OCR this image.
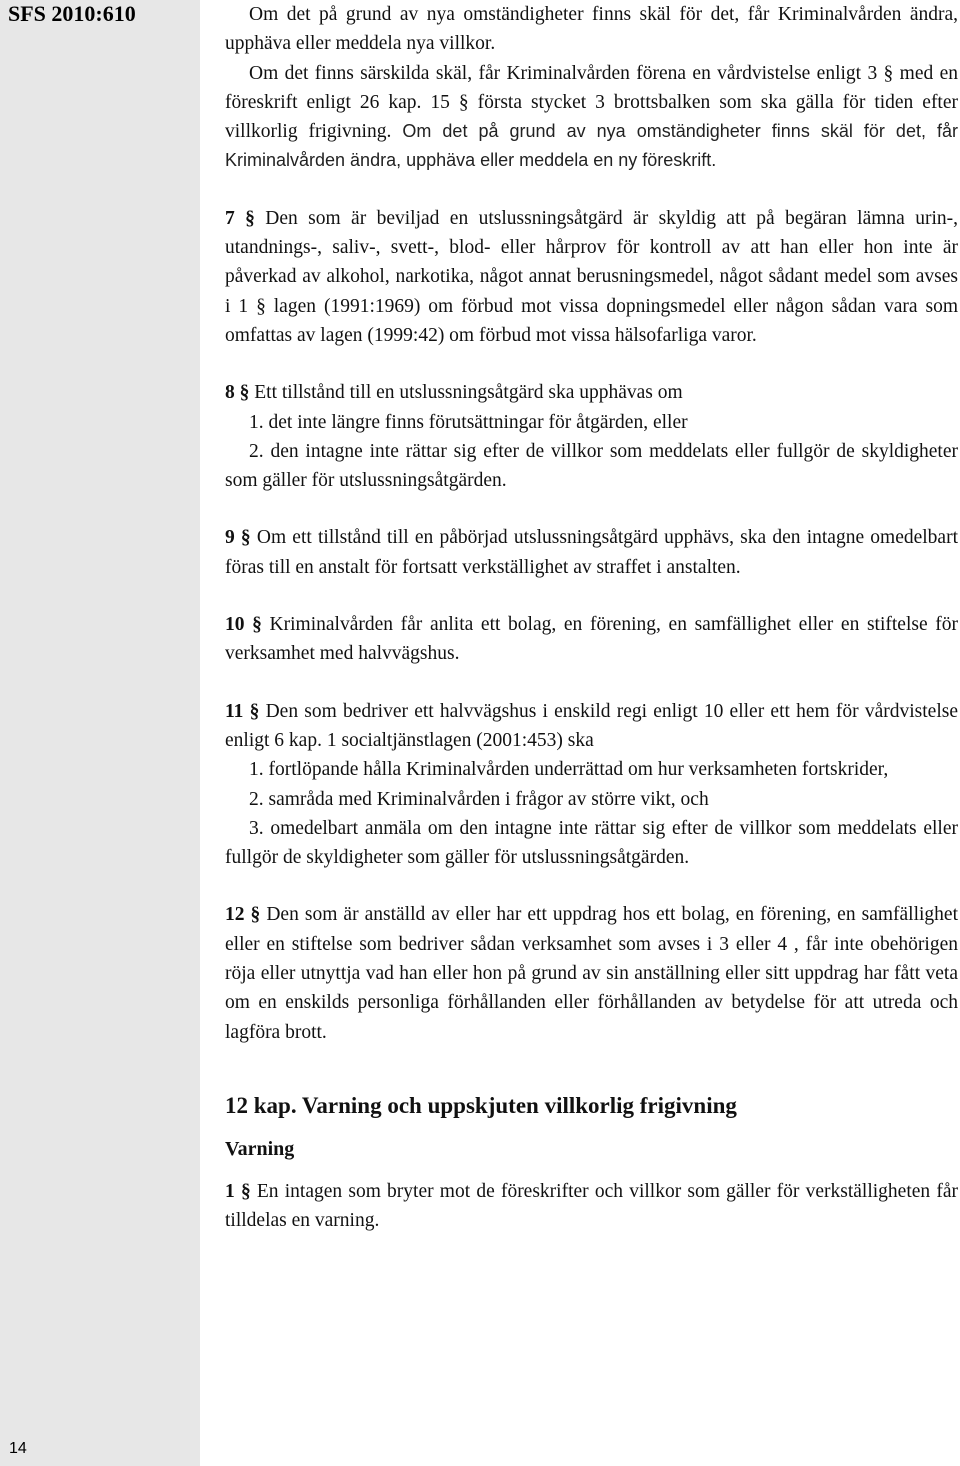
SFS 2010:610
14

Om det på grund av nya omständigheter finns skäl för det, får Kriminalvården ändra, upphäva eller meddela nya villkor.

Om det finns särskilda skäl, får Kriminalvården förena en vårdvistelse enligt 3 § med en föreskrift enligt 26 kap. 15 § första stycket 3 brottsbalken som ska gälla för tiden efter villkorlig frigivning. Om det på grund av nya omständigheter finns skäl för det, får Kriminalvården ändra, upphäva eller meddela en ny föreskrift.

7 § Den som är beviljad en utslussningsåtgärd är skyldig att på begäran lämna urin-, utandnings-, saliv-, svett-, blod- eller hårprov för kontroll av att han eller hon inte är påverkad av alkohol, narkotika, något annat berusningsmedel, något sådant medel som avses i 1 § lagen (1991:1969) om förbud mot vissa dopningsmedel eller någon sådan vara som omfattas av lagen (1999:42) om förbud mot vissa hälsofarliga varor.

8 § Ett tillstånd till en utslussningsåtgärd ska upphävas om

1. det inte längre finns förutsättningar för åtgärden, eller

2. den intagne inte rättar sig efter de villkor som meddelats eller fullgör de skyldigheter som gäller för utslussningsåtgärden.

9 § Om ett tillstånd till en påbörjad utslussningsåtgärd upphävs, ska den intagne omedelbart föras till en anstalt för fortsatt verkställighet av straffet i anstalten.

10 § Kriminalvården får anlita ett bolag, en förening, en samfällighet eller en stiftelse för verksamhet med halvvägshus.

11 § Den som bedriver ett halvvägshus i enskild regi enligt 10 eller ett hem för vårdvistelse enligt 6 kap. 1 socialtjänstlagen (2001:453) ska

1. fortlöpande hålla Kriminalvården underrättad om hur verksamheten fortskrider,

2. samråda med Kriminalvården i frågor av större vikt, och

3. omedelbart anmäla om den intagne inte rättar sig efter de villkor som meddelats eller fullgör de skyldigheter som gäller för utslussningsåtgärden.

12 § Den som är anställd av eller har ett uppdrag hos ett bolag, en förening, en samfällighet eller en stiftelse som bedriver sådan verksamhet som avses i 3 eller 4 , får inte obehörigen röja eller utnyttja vad han eller hon på grund av sin anställning eller sitt uppdrag har fått veta om en enskilds personliga förhållanden eller förhållanden av betydelse för att utreda och lagföra brott.

12 kap. Varning och uppskjuten villkorlig frigivning
Varning

1 § En intagen som bryter mot de föreskrifter och villkor som gäller för verkställigheten får tilldelas en varning.
